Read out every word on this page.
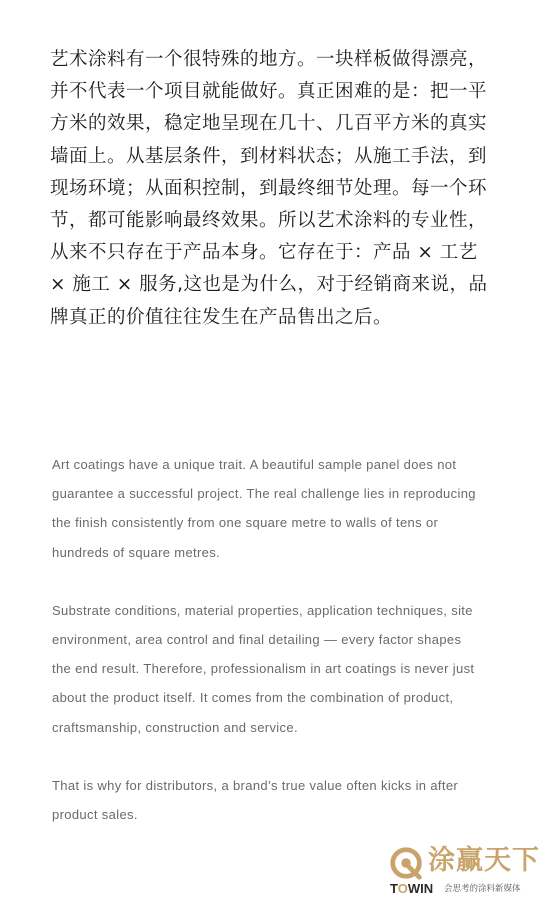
艺术涂料有一个很特殊的地方。一块样板做得漂亮，
并不代表一个项目就能做好。真正困难的是：把一平
方米的效果，稳定地呈现在几十、几百平方米的真实
墙面上。从基层条件，到材料状态；从施工手法，到
现场环境；从面积控制，到最终细节处理。每一个环
节，都可能影响最终效果。所以艺术涂料的专业性，
从来不只存在于产品本身。它存在于：产品 × 工艺
× 施工 × 服务,这也是为什么，对于经销商来说，品
牌真正的价值往往发生在产品售出之后。
Art coatings have a unique trait. A beautiful sample panel does not
guarantee a successful project. The real challenge lies in reproducing
the finish consistently from one square metre to walls of tens or
hundreds of square metres.
Substrate conditions, material properties, application techniques, site
environment, area control and final detailing — every factor shapes
the end result. Therefore, professionalism in art coatings is never just
about the product itself. It comes from the combination of product,
craftsmanship, construction and service.
That is why for distributors, a brand’s true value often kicks in after
product sales.
涂赢天下
TOWIN 会思考的涂料新媒体
